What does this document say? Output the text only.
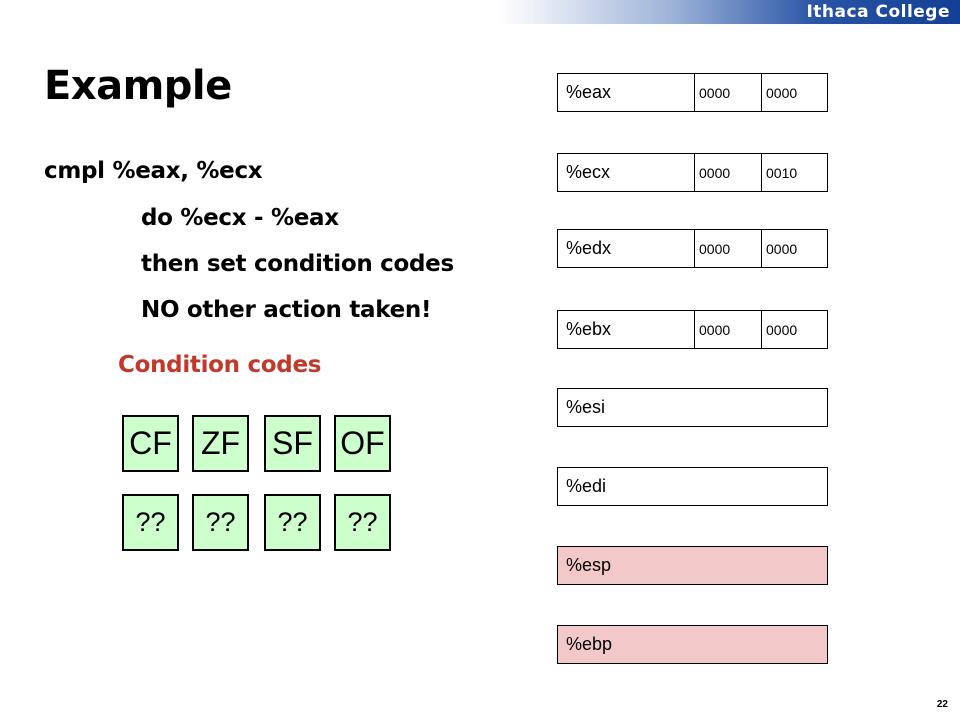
Ithaca College
Example
cmpl %eax, %ecx
do %ecx - %eax
then set condition codes
NO other action taken!
Condition codes
CF ZF SF OF
??	??	??	??
%eax	0000	0000
%ecx	0000	0010
%edx	0000	0000
%ebx	0000	0000
%esi
%edi
%esp
%ebp
22
